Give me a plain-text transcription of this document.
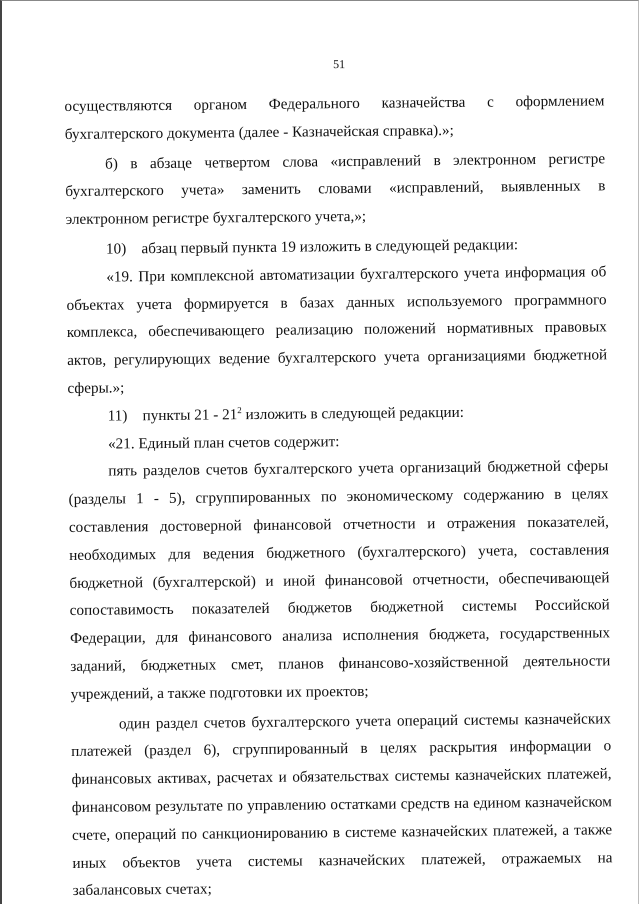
51

осуществляются органом Федерального казначейства с оформлением бухгалтерского документа (далее - Казначейская справка).»;

б) в абзаце четвертом слова «исправлений в электронном регистре бухгалтерского учета» заменить словами «исправлений, выявленных в электронном регистре бухгалтерского учета,»;

10) абзац первый пункта 19 изложить в следующей редакции:

«19. При комплексной автоматизации бухгалтерского учета информация об объектах учета формируется в базах данных используемого программного комплекса, обеспечивающего реализацию положений нормативных правовых актов, регулирующих ведение бухгалтерского учета организациями бюджетной сферы.»;

11) пункты $21 - 21^2$ изложить в следующей редакции:

«21. Единый план счетов содержит:

пять разделов счетов бухгалтерского учета организаций бюджетной сферы (разделы 1 - 5), сгруппированных по экономическому содержанию в целях составления достоверной финансовой отчетности и отражения показателей, необходимых для ведения бюджетного (бухгалтерского) учета, составления бюджетной (бухгалтерской) и иной финансовой отчетности, обеспечивающей сопоставимость показателей бюджетов бюджетной системы Российской Федерации, для финансового анализа исполнения бюджета, государственных заданий, бюджетных смет, планов финансово-хозяйственной деятельности учреждений, а также подготовки их проектов;

один раздел счетов бухгалтерского учета операций системы казначейских платежей (раздел 6), сгруппированный в целях раскрытия информации о финансовых активах, расчетах и обязательствах системы казначейских платежей, финансовом результате по управлению остатками средств на едином казначейском счете, операций по санкционированию в системе казначейских платежей, а также иных объектов учета системы казначейских платежей, отражаемых на забалансовых счетах;
